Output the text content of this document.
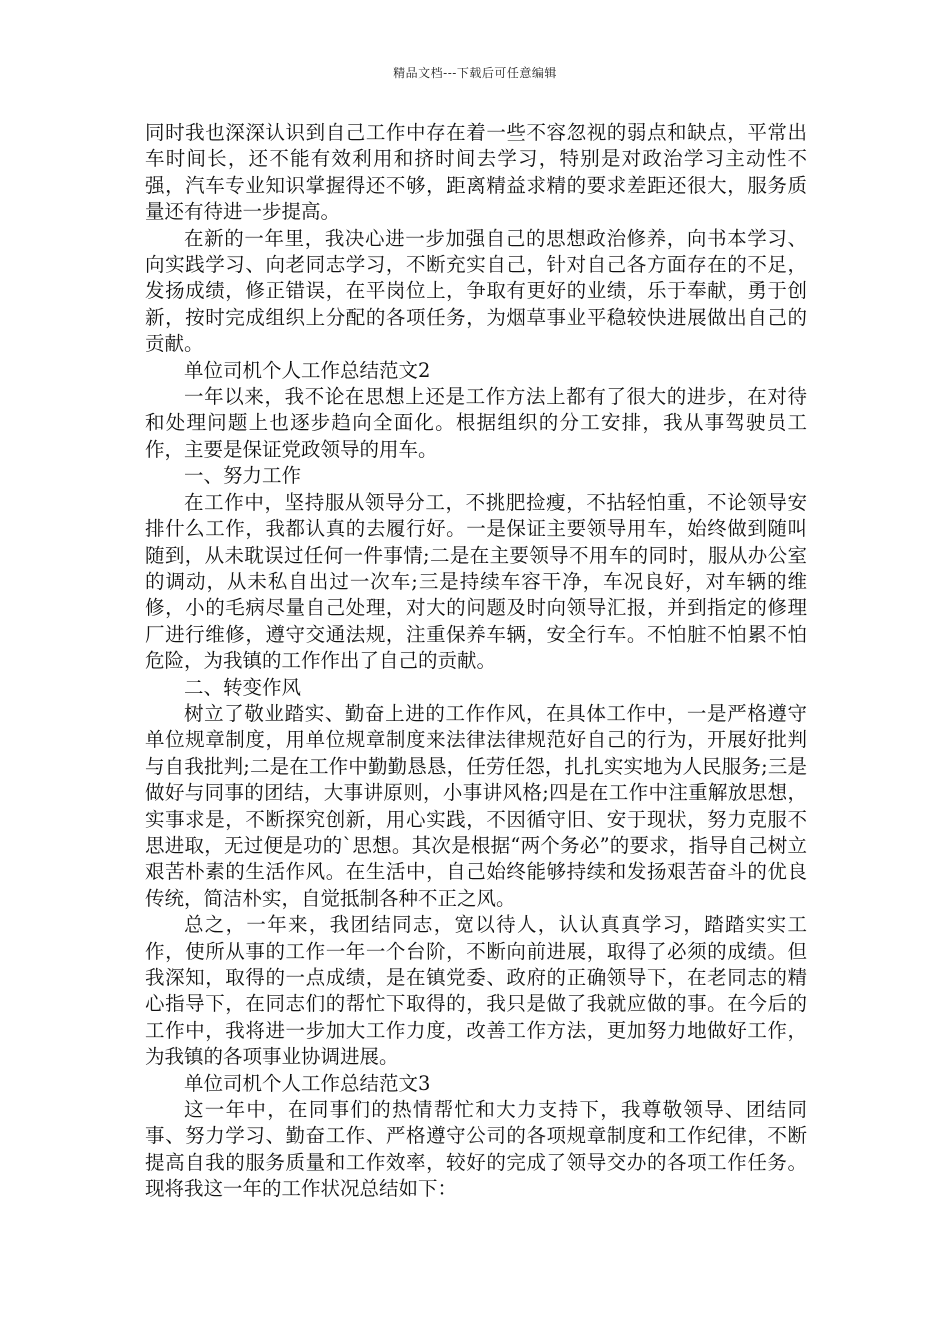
精品文档---下载后可任意编辑

同时我也深深认识到自己工作中存在着一些不容忽视的弱点和缺点，平常出车时间长，还不能有效利用和挤时间去学习，特别是对政治学习主动性不强，汽车专业知识掌握得还不够，距离精益求精的要求差距还很大，服务质量还有待进一步提高。

在新的一年里，我决心进一步加强自己的思想政治修养，向书本学习、向实践学习、向老同志学习，不断充实自己，针对自己各方面存在的不足，发扬成绩，修正错误，在平岗位上，争取有更好的业绩，乐于奉献，勇于创新，按时完成组织上分配的各项任务，为烟草事业平稳较快进展做出自己的贡献。

单位司机个人工作总结范文2

一年以来，我不论在思想上还是工作方法上都有了很大的进步，在对待和处理问题上也逐步趋向全面化。根据组织的分工安排，我从事驾驶员工作，主要是保证党政领导的用车。

一、努力工作

在工作中，坚持服从领导分工，不挑肥捡瘦，不拈轻怕重，不论领导安排什么工作，我都认真的去履行好。一是保证主要领导用车，始终做到随叫随到，从未耽误过任何一件事情;二是在主要领导不用车的同时，服从办公室的调动，从未私自出过一次车;三是持续车容干净，车况良好，对车辆的维修，小的毛病尽量自己处理，对大的问题及时向领导汇报，并到指定的修理厂进行维修，遵守交通法规，注重保养车辆，安全行车。不怕脏不怕累不怕危险，为我镇的工作作出了自己的贡献。

二、转变作风

树立了敬业踏实、勤奋上进的工作作风，在具体工作中，一是严格遵守单位规章制度，用单位规章制度来法律法律规范好自己的行为，开展好批判与自我批判;二是在工作中勤勤恳恳，任劳任怨，扎扎实实地为人民服务;三是做好与同事的团结，大事讲原则，小事讲风格;四是在工作中注重解放思想，实事求是，不断探究创新，用心实践，不因循守旧、安于现状，努力克服不思进取，无过便是功的`思想。其次是根据“两个务必”的要求，指导自己树立艰苦朴素的生活作风。在生活中，自己始终能够持续和发扬艰苦奋斗的优良传统，简洁朴实，自觉抵制各种不正之风。

总之，一年来，我团结同志，宽以待人，认认真真学习，踏踏实实工作，使所从事的工作一年一个台阶，不断向前进展，取得了必须的成绩。但我深知，取得的一点成绩，是在镇党委、政府的正确领导下，在老同志的精心指导下，在同志们的帮忙下取得的，我只是做了我就应做的事。在今后的工作中，我将进一步加大工作力度，改善工作方法，更加努力地做好工作，为我镇的各项事业协调进展。

单位司机个人工作总结范文3

这一年中，在同事们的热情帮忙和大力支持下，我尊敬领导、团结同事、努力学习、勤奋工作、严格遵守公司的各项规章制度和工作纪律，不断提高自我的服务质量和工作效率，较好的完成了领导交办的各项工作任务。现将我这一年的工作状况总结如下：
